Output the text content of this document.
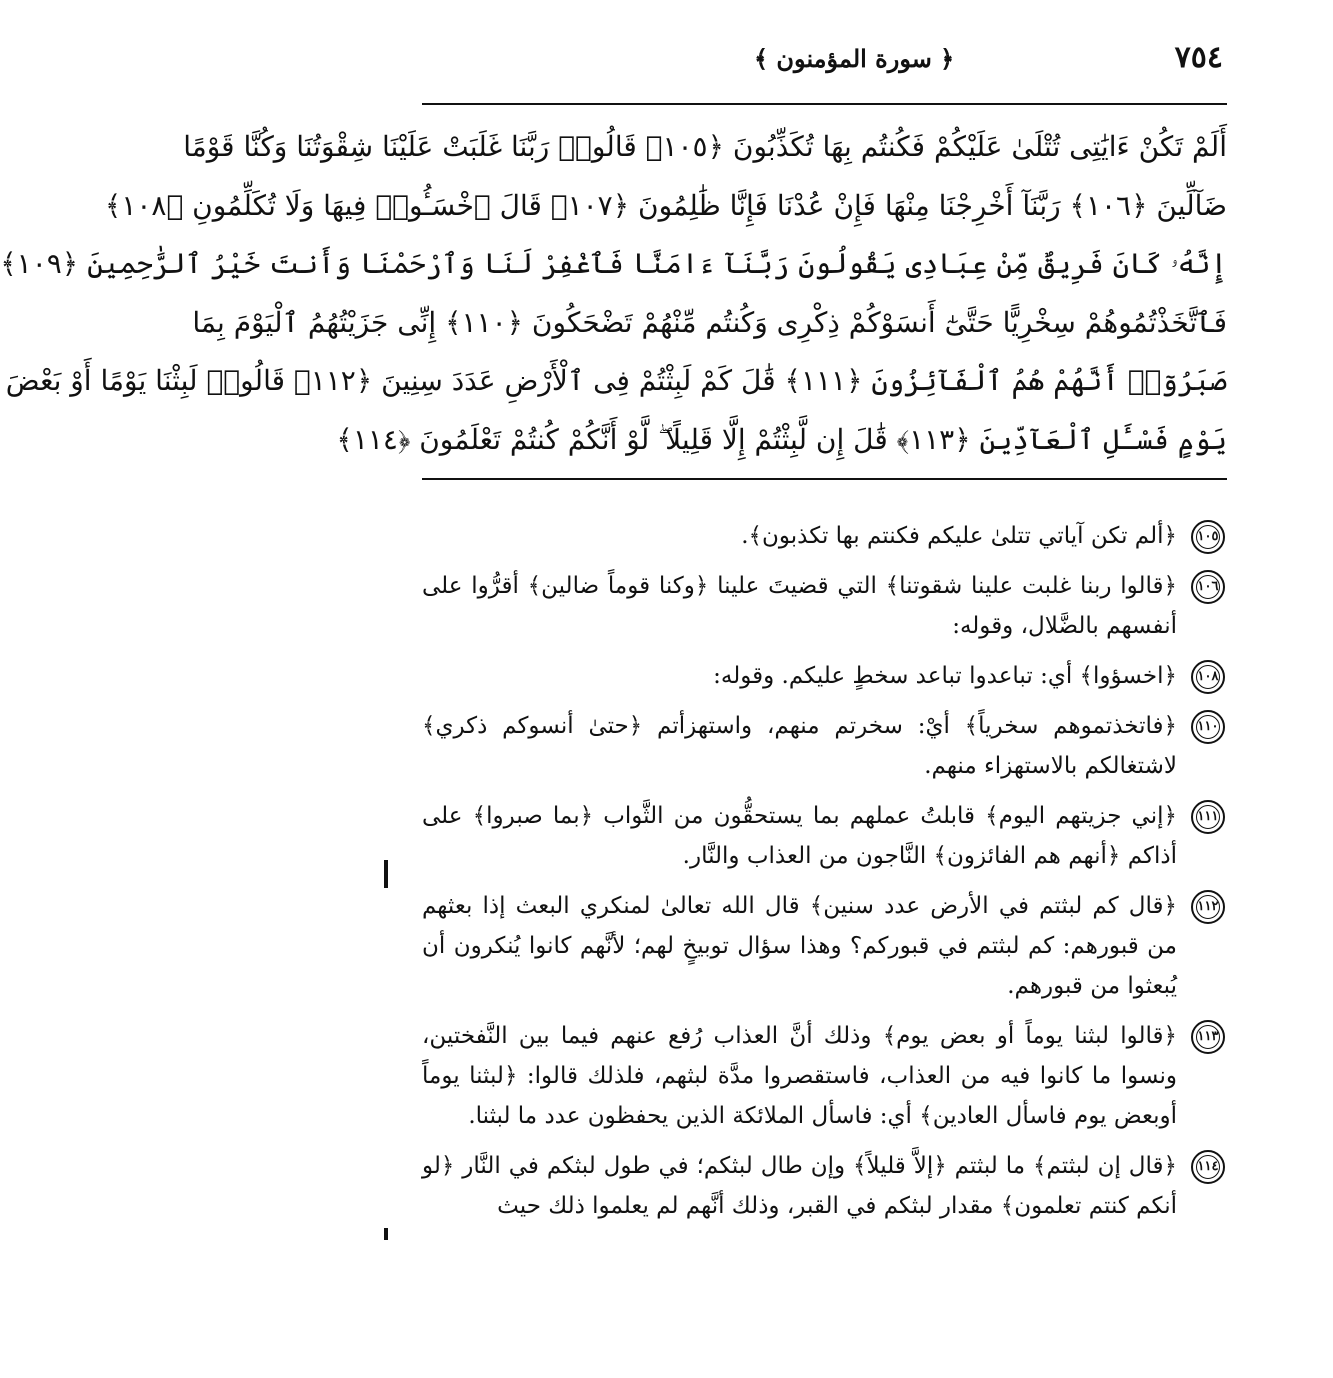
٧٥٤
﴿ سورة المؤمنون ﴾
أَلَمْ تَكُنْ ءَايَٰتِى تُتْلَىٰ عَلَيْكُمْ فَكُنتُم بِهَا تُكَذِّبُونَ ﴿١٠٥﴾ قَالُوا۟ رَبَّنَا غَلَبَتْ عَلَيْنَا شِقْوَتُنَا وَكُنَّا قَوْمًا
ضَآلِّينَ ﴿١٠٦﴾ رَبَّنَآ أَخْرِجْنَا مِنْهَا فَإِنْ عُدْنَا فَإِنَّا ظَٰلِمُونَ ﴿١٠٧﴾ قَالَ ٱخْسَـُٔوا۟ فِيهَا وَلَا تُكَلِّمُونِ ﴿١٠٨﴾
إِنَّهُۥ كَانَ فَرِيقٌ مِّنْ عِبَادِى يَقُولُونَ رَبَّنَآ ءَامَنَّا فَٱغْفِرْ لَنَا وَٱرْحَمْنَا وَأَنتَ خَيْرُ ٱلرَّٰحِمِينَ ﴿١٠٩﴾
فَٱتَّخَذْتُمُوهُمْ سِخْرِيًّا حَتَّىٰٓ أَنسَوْكُمْ ذِكْرِى وَكُنتُم مِّنْهُمْ تَضْحَكُونَ ﴿١١٠﴾ إِنِّى جَزَيْتُهُمُ ٱلْيَوْمَ بِمَا
صَبَرُوٓا۟ أَنَّهُمْ هُمُ ٱلْفَآئِزُونَ ﴿١١١﴾ قَٰلَ كَمْ لَبِثْتُمْ فِى ٱلْأَرْضِ عَدَدَ سِنِينَ ﴿١١٢﴾ قَالُوا۟ لَبِثْنَا يَوْمًا أَوْ بَعْضَ
يَوْمٍ فَسْـَٔلِ ٱلْعَآدِّينَ ﴿١١٣﴾ قَٰلَ إِن لَّبِثْتُمْ إِلَّا قَلِيلًا ۖ لَّوْ أَنَّكُمْ كُنتُمْ تَعْلَمُونَ ﴿١١٤﴾
١٠٥
﴿ألم تكن آياتي تتلىٰ عليكم فكنتم بها تكذبون﴾.
١٠٦
﴿قالوا ربنا غلبت علينا شقوتنا﴾ التي قضيتَ علينا ﴿وكنا قوماً ضالين﴾ أقرُّوا على أنفسهم بالضَّلال، وقوله:
١٠٨
﴿اخسؤوا﴾ أي: تباعدوا تباعد سخطٍ عليكم. وقوله:
١١٠
﴿فاتخذتموهم سخرياً﴾ أيْ: سخرتم منهم، واستهزأتم ﴿حتىٰ أنسوكم ذكري﴾ لاشتغالكم بالاستهزاء منهم.
١١١
﴿إني جزيتهم اليوم﴾ قابلتُ عملهم بما يستحقُّون من الثَّواب ﴿بما صبروا﴾ على أذاكم ﴿أنهم هم الفائزون﴾ النَّاجون من العذاب والنَّار.
١١٢
﴿قال كم لبثتم في الأرض عدد سنين﴾ قال الله تعالىٰ لمنكري البعث إذا بعثهم من قبورهم: كم لبثتم في قبوركم؟ وهذا سؤال توبيخٍ لهم؛ لأنَّهم كانوا يُنكرون أن يُبعثوا من قبورهم.
١١٣
﴿قالوا لبثنا يوماً أو بعض يوم﴾ وذلك أنَّ العذاب رُفع عنهم فيما بين النَّفختين، ونسوا ما كانوا فيه من العذاب، فاستقصروا مدَّة لبثهم، فلذلك قالوا: ﴿لبثنا يوماً أوبعض يوم فاسأل العادين﴾ أي: فاسأل الملائكة الذين يحفظون عدد ما لبثنا.
١١٤
﴿قال إن لبثتم﴾ ما لبثتم ﴿إلاَّ قليلاً﴾ وإن طال لبثكم؛ في طول لبثكم في النَّار ﴿لو أنكم كنتم تعلمون﴾ مقدار لبثكم في القبر، وذلك أنَّهم لم يعلموا ذلك حيث
